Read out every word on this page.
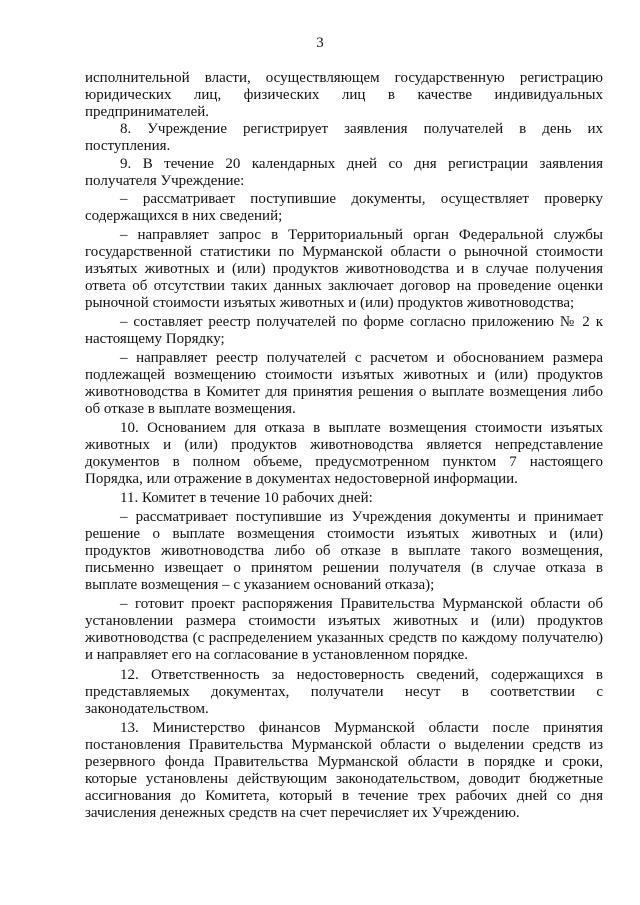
3
исполнительной власти, осуществляющем государственную регистрацию
юридических лиц, физических лиц в качестве индивидуальных
предпринимателей.
8. Учреждение регистрирует заявления получателей в день их
поступления.
9. В течение 20 календарных дней со дня регистрации заявления
получателя Учреждение:
– рассматривает поступившие документы, осуществляет проверку
содержащихся в них сведений;
– направляет запрос в Территориальный орган Федеральной службы
государственной статистики по Мурманской области о рыночной стоимости
изъятых животных и (или) продуктов животноводства и в случае получения
ответа об отсутствии таких данных заключает договор на проведение оценки
рыночной стоимости изъятых животных и (или) продуктов животноводства;
– составляет реестр получателей по форме согласно приложению № 2 к
настоящему Порядку;
– направляет реестр получателей с расчетом и обоснованием размера
подлежащей возмещению стоимости изъятых животных и (или) продуктов
животноводства в Комитет для принятия решения о выплате возмещения либо
об отказе в выплате возмещения.
10. Основанием для отказа в выплате возмещения стоимости изъятых
животных и (или) продуктов животноводства является непредставление
документов в полном объеме, предусмотренном пунктом 7 настоящего
Порядка, или отражение в документах недостоверной информации.
11. Комитет в течение 10 рабочих дней:
– рассматривает поступившие из Учреждения документы и принимает
решение о выплате возмещения стоимости изъятых животных и (или)
продуктов животноводства либо об отказе в выплате такого возмещения,
письменно извещает о принятом решении получателя (в случае отказа в
выплате возмещения – с указанием оснований отказа);
– готовит проект распоряжения Правительства Мурманской области об
установлении размера стоимости изъятых животных и (или) продуктов
животноводства (с распределением указанных средств по каждому получателю)
и направляет его на согласование в установленном порядке.
12. Ответственность за недостоверность сведений, содержащихся в
представляемых документах, получатели несут в соответствии с
законодательством.
13. Министерство финансов Мурманской области после принятия
постановления Правительства Мурманской области о выделении средств из
резервного фонда Правительства Мурманской области в порядке и сроки,
которые установлены действующим законодательством, доводит бюджетные
ассигнования до Комитета, который в течение трех рабочих дней со дня
зачисления денежных средств на счет перечисляет их Учреждению.
